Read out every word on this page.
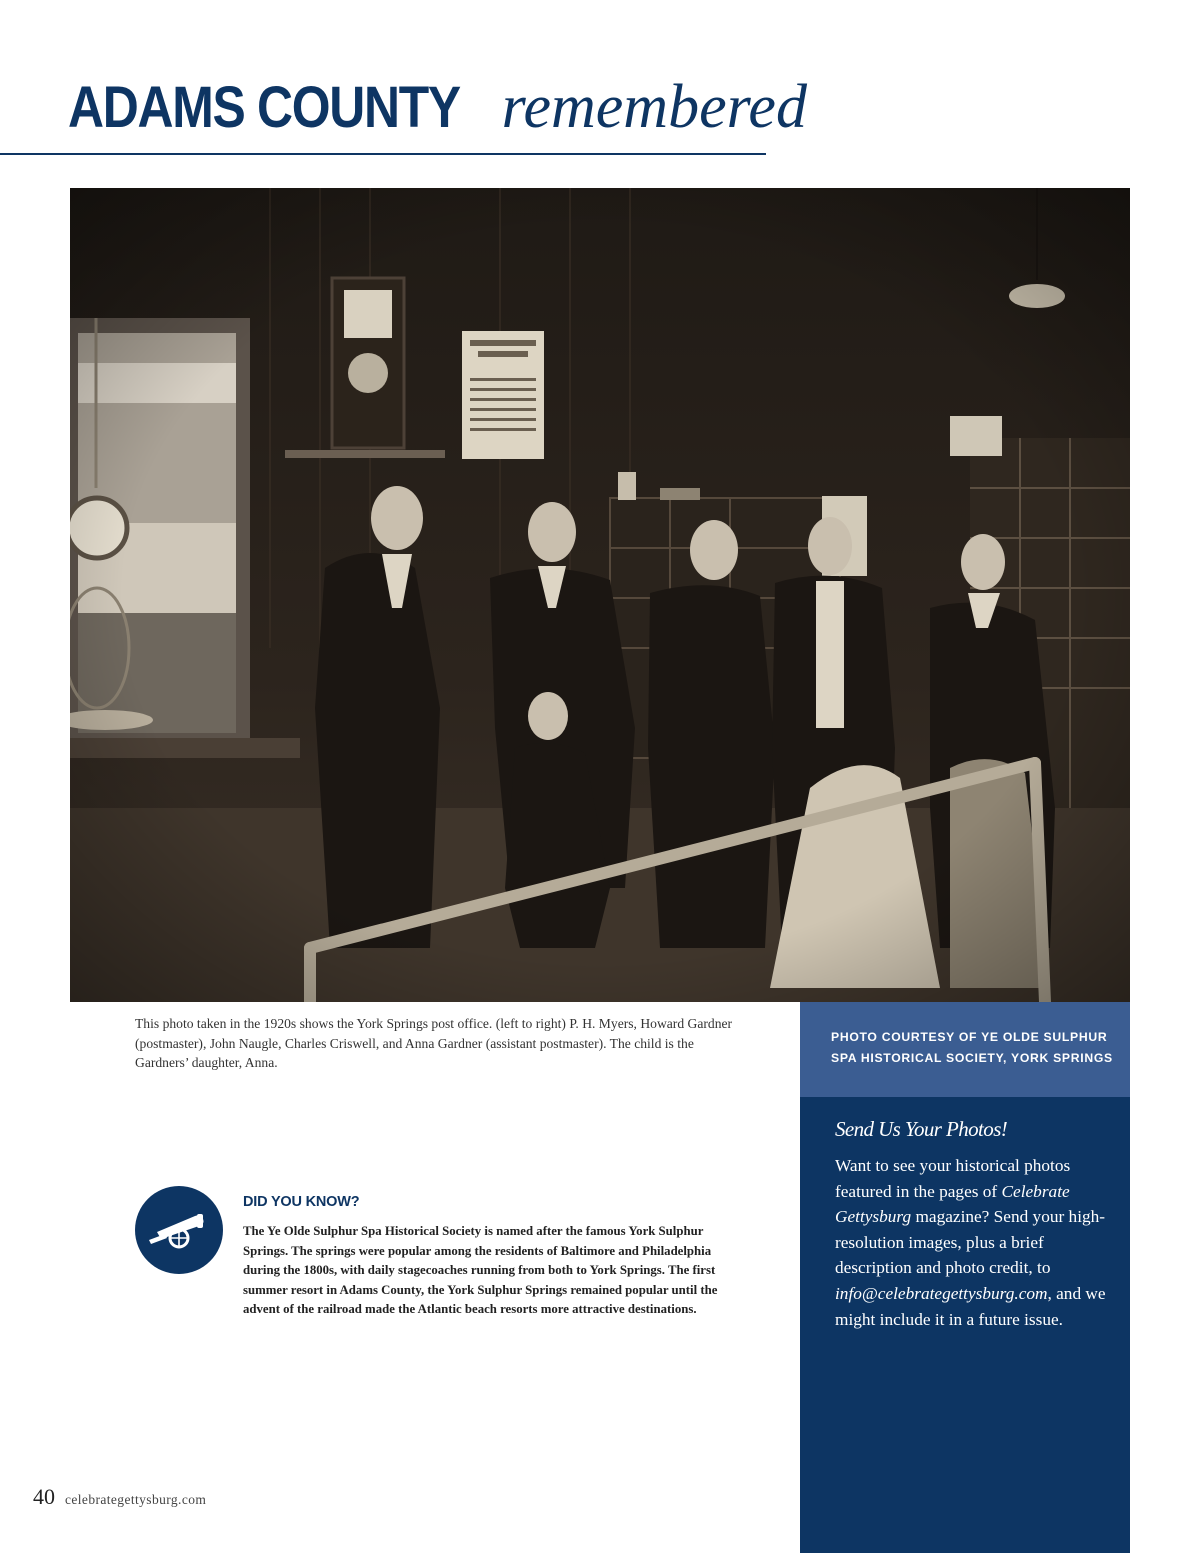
ADAMS COUNTY remembered

This photo taken in the 1920s shows the York Springs post office. (left to right) P. H. Myers, Howard Gardner (postmaster), John Naugle, Charles Criswell, and Anna Gardner (assistant postmaster). The child is the Gardners’ daughter, Anna.

PHOTO COURTESY OF YE OLDE SULPHUR SPA HISTORICAL SOCIETY, YORK SPRINGS

Send Us Your Photos!

Want to see your historical photos featured in the pages of Celebrate Gettysburg magazine? Send your high-resolution images, plus a brief description and photo credit, to info@celebrategettysburg.com, and we might include it in a future issue.

DID YOU KNOW?

The Ye Olde Sulphur Spa Historical Society is named after the famous York Sulphur Springs. The springs were popular among the residents of Baltimore and Philadelphia during the 1800s, with daily stagecoaches running from both to York Springs. The first summer resort in Adams County, the York Sulphur Springs remained popular until the advent of the railroad made the Atlantic beach resorts more attractive destinations.

40 celebrategettysburg.com
